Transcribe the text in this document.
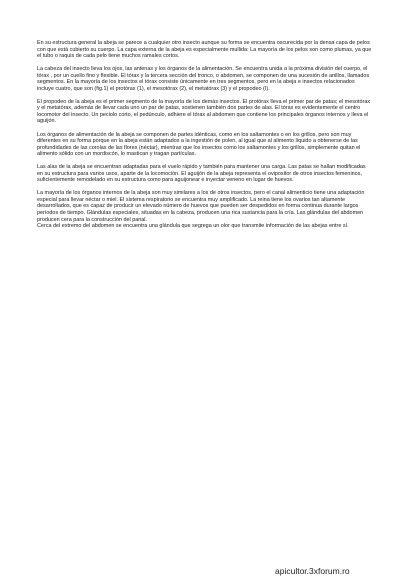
En su estructura general la abeja se parece a cualquier otro insecto aunque su forma se encuentra oscurecida por la densa capa de pelos con que está cubierto su cuerpo. La capa externa de la abeja es especialmente mullida: La mayoría de los pelos son como plumas, ya que el tubo o raquis de cada pelo tiene muchos ramales cortos.

La cabeza del insecto lleva los ojos, las antenas y los órganos de la alimentación. Se encuentra unida a la próxima división del cuerpo, el tórax , por un cuello fino y flexible. El tórax y la tercera sección del tronco, o abdomen, se componen de una sucesión de anillos, llamados segmentos. En la mayoría de los insectos el tórax consiste únicamente en tres segmentos, pero en la abeja e insectos relacionados incluye cuatro, que son (fig.1) el protórax (1), el mesotórax (2), el metatórax (3) y el propodeo (I).

El propodeo de la abeja es el primer segmento de la mayoría de los demás insectos. El protórax lleva el primer par de patas; el mesotórax y el metatórax, además de llevar cada uno un par de patas, sostienen también dos partes de alas. El tórax es evidentemente el centro locomotor del insecto. Un peciolo corto, el pedúnculo, adhiere el tórax al abdomen que contiene los principales órganos internos y lleva el aguijón.

Los órganos de alimentación de la abeja se componen de partes idénticas, como en los saltamontes o en los grillos, pero son muy diferentes en su forma porque en la abeja están adaptados a la ingestión de polen, al igual que al alimento líquido a obtenerse de las profundidades de las corolas de las flores (néctar), mientras que los insectos como los saltamontes y los grillos, simplemente quitan el alimento sólido con un mordiscón, lo mastican y tragan partículas.

Las alas de la abeja se encuentran adaptadas para el vuelo rápido y también para mantener una carga. Las patas se hallan modificadas en su estructura para varios usos, aparte de la locomoción. El aguijón de la abeja representa el ovipositor de otros insectos femeninos, suficientemente remodelado en su estructura como para aguijonear e inyectar veneno en lugar de huevos.

La mayoría de los órganos internos de la abeja son muy similares a los de otros insectos, pero el canal alimenticio tiene una adaptación especial para llevar néctar o miel. El sistema respiratorio se encuentra muy amplificado. La reina tiene los ovarios tan altamente desarrollados, que es capaz de producir un elevado número de huevos que pueden ser despedidos en forma continua durante largos períodos de tiempo. Glándulas especiales, situadas en la cabeza, producen una rica sustancia para la cría. Las glándulas del abdomen producen cera para la construcción del panal.

Cerca del extremo del abdomen se encuentra una glándula que segrega un olor que transmite información de las abejas entre sí.

apicultor.3xforum.ro
